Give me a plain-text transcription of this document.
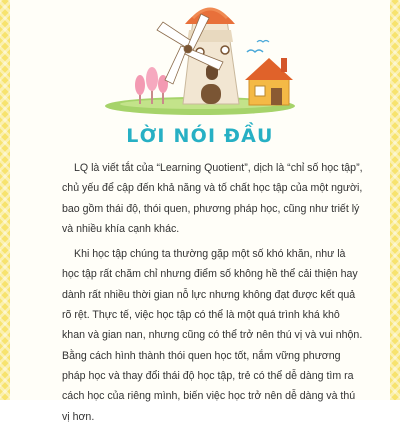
LỜI NÓI ĐẦU

LQ là viết tắt của “Learning Quotient”, dịch là “chỉ số học tập”, chủ yếu để cập đến khả năng và tố chất học tập của một người, bao gồm thái độ, thói quen, phương pháp học, cũng như triết lý và nhiều khía cạnh khác.

Khi học tập chúng ta thường gặp một số khó khăn, như là học tập rất chăm chỉ nhưng điểm số không hề thể cải thiện hay dành rất nhiều thời gian nỗ lực nhưng không đạt được kết quả rõ rệt. Thực tế, việc học tập có thể là một quá trình khá khô khan và gian nan, nhưng cũng có thể trở nên thú vị và vui nhộn. Bằng cách hình thành thói quen học tốt, nắm vững phương pháp học và thay đổi thái độ học tập, trẻ có thể dễ dàng tìm ra cách học của riêng mình, biến việc học trở nên dễ dàng và thú vị hơn.
